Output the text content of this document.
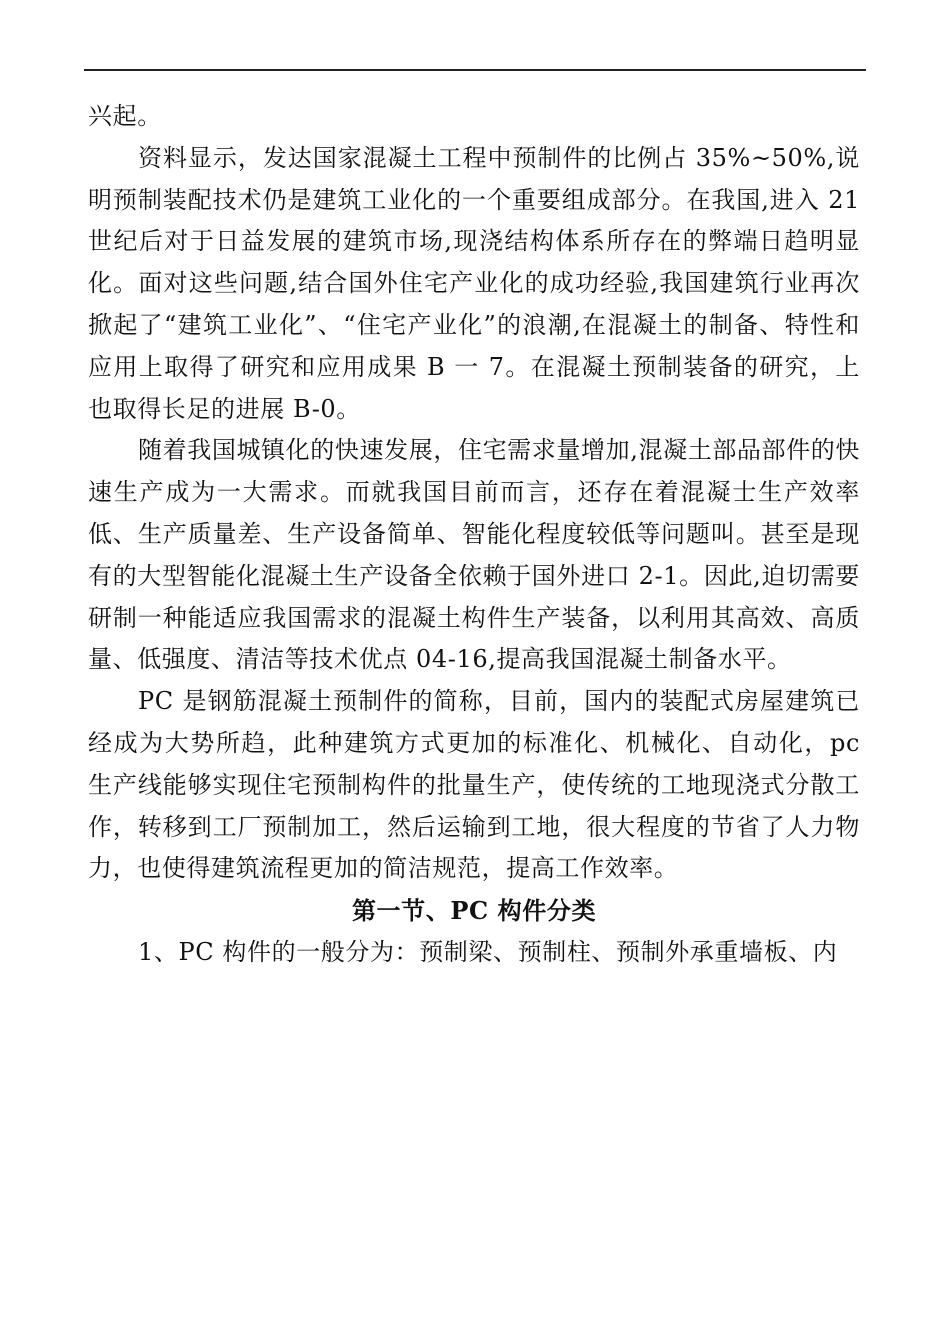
兴起。

资料显示，发达国家混凝土工程中预制件的比例占 35%~50%,说明预制装配技术仍是建筑工业化的一个重要组成部分。在我国,进入 21 世纪后对于日益发展的建筑市场,现浇结构体系所存在的弊端日趋明显化。面对这些问题,结合国外住宅产业化的成功经验,我国建筑行业再次掀起了“建筑工业化”、“住宅产业化”的浪潮,在混凝土的制备、特性和应用上取得了研究和应用成果 B 一 7。在混凝土预制装备的研究，上也取得长足的进展 B-0。

随着我国城镇化的快速发展，住宅需求量增加,混凝土部品部件的快速生产成为一大需求。而就我国目前而言，还存在着混凝士生产效率低、生产质量差、生产设备简单、智能化程度较低等问题叫。甚至是现有的大型智能化混凝土生产设备全依赖于国外进口 2-1。因此,迫切需要研制一种能适应我国需求的混凝土构件生产装备，以利用其高效、高质量、低强度、清洁等技术优点 04-16,提高我国混凝土制备水平。

PC 是钢筋混凝土预制件的简称，目前，国内的装配式房屋建筑已经成为大势所趋，此种建筑方式更加的标准化、机械化、自动化，pc 生产线能够实现住宅预制构件的批量生产，使传统的工地现浇式分散工作，转移到工厂预制加工，然后运输到工地，很大程度的节省了人力物力，也使得建筑流程更加的简洁规范，提高工作效率。

第一节、PC 构件分类

1、PC 构件的一般分为：预制梁、预制柱、预制外承重墙板、内
